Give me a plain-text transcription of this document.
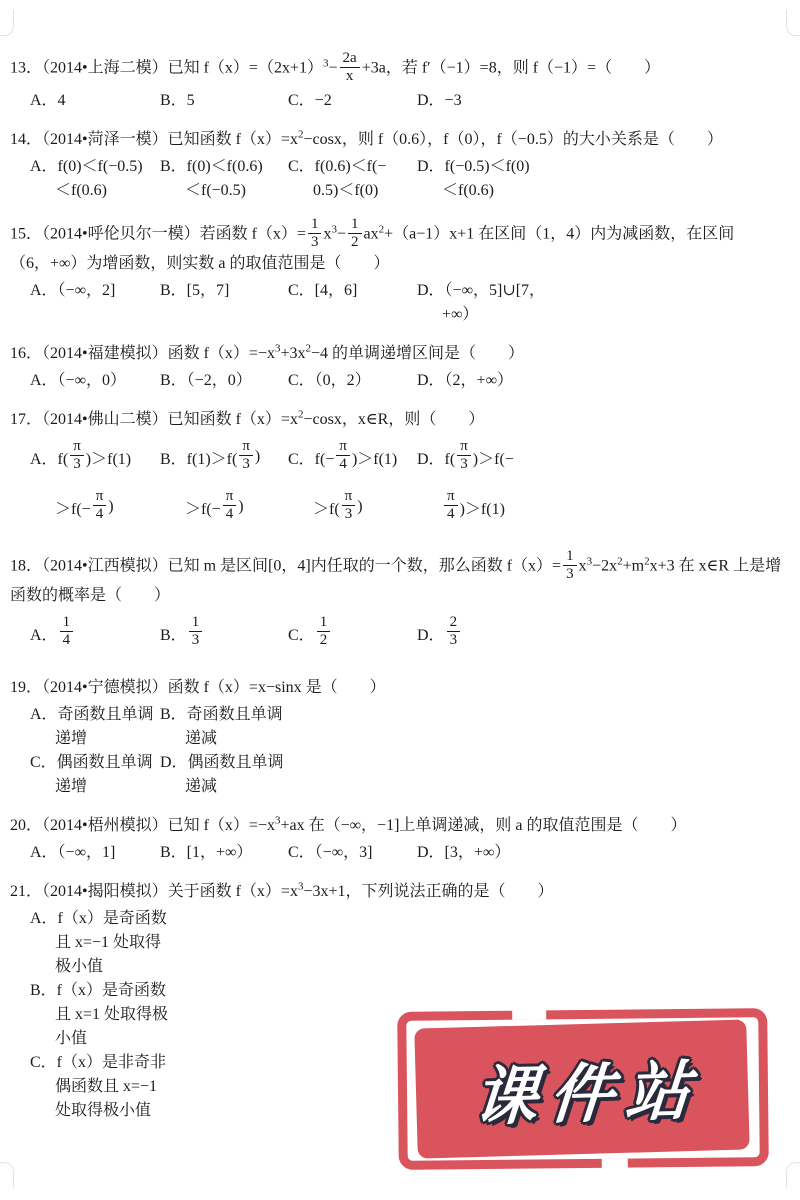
13．（2014•上海二模）已知 $f(x)=(2x+1)^3- \frac{2a}{x} +3a$，若 f′（−1）=8，则 f（−1）=（　　）
A．4	B．5	C．−2	D．−3
14．（2014•菏泽一模）已知函数 $f(x)=x^2-\cos x$，则 f（0.6），f（0），f（−0.5）的大小关系是（　　）
A．f(0)＜f(−0.5) B．f(0)＜f(0.6) C．f(0.6)＜f(− D．f(−0.5)＜f(0)
＜f(0.6)	＜f(−0.5)	0.5)＜f(0)	＜f(0.6)
15．（2014•呼伦贝尔一模）若函数 $f(x)= \frac{1}{3} x^3- \frac{1}{2} ax^2+(a-1)x+1$ 在区间（1，4）内为减函数，在区间（6，+∞）为增函数，则实数 a 的取值范围是（　　）
A．（−∞，2]	B．[5，7]	C．[4，6]	D．（−∞，5]∪[7，
+∞）
16．（2014•福建模拟）函数 $f(x)=-x^3+3x^2-4$ 的单调递增区间是（　　）
A．（−∞，0） B．（−2，0） C．（0，2）	D．（2，+∞）
17．（2014•佛山二模）已知函数 $f(x)=x^2-\cos x$，x∈R，则（　　）
A．$f( \frac{\pi}{3} )>f(1)$ B．$f(1)>f( \frac{\pi}{3}$ ) C．$f(- \frac{\pi}{4} )>f(1)$ D．$f( \frac{\pi}{3} )>f(-$
$>f(- \frac{\pi}{4}$ )	$>f(- \frac{\pi}{4}$ )	$>f( \frac{\pi}{3}$ )	$\frac{\pi}{4} )>f(1)$
18．（2014•江西模拟）已知 m 是区间[0，4]内任取的一个数，那么函数 $f(x)= \frac{1}{3} x^3-2x^2+m^2x+3$ 在 x∈R 上是增函数的概率是（　　）
A． $\frac{1}{4}$	B． $\frac{1}{3}$	C． $\frac{1}{2}$	D． $\frac{2}{3}$
19．（2014•宁德模拟）函数 f（x）=x−sinx 是（　　）
A．奇函数且单调 B．奇函数且单调
递增	递减
C．偶函数且单调 D．偶函数且单调
递增	递减
20．（2014•梧州模拟）已知 $f(x)=-x^3+ax$ 在（−∞，−1]上单调递减，则 a 的取值范围是（　　）
A．（−∞，1]	B．[1，+∞） C．（−∞，3]	D．[3，+∞）
21．（2014•揭阳模拟）关于函数 $f(x)=x^3-3x+1$，下列说法正确的是（　　）
A．f（x）是奇函数
且 x=−1 处取得
极小值
B．f（x）是奇函数
且 x=1 处取得极
小值
C．f（x）是非奇非
偶函数且 x=−1
处取得极小值	课件站
